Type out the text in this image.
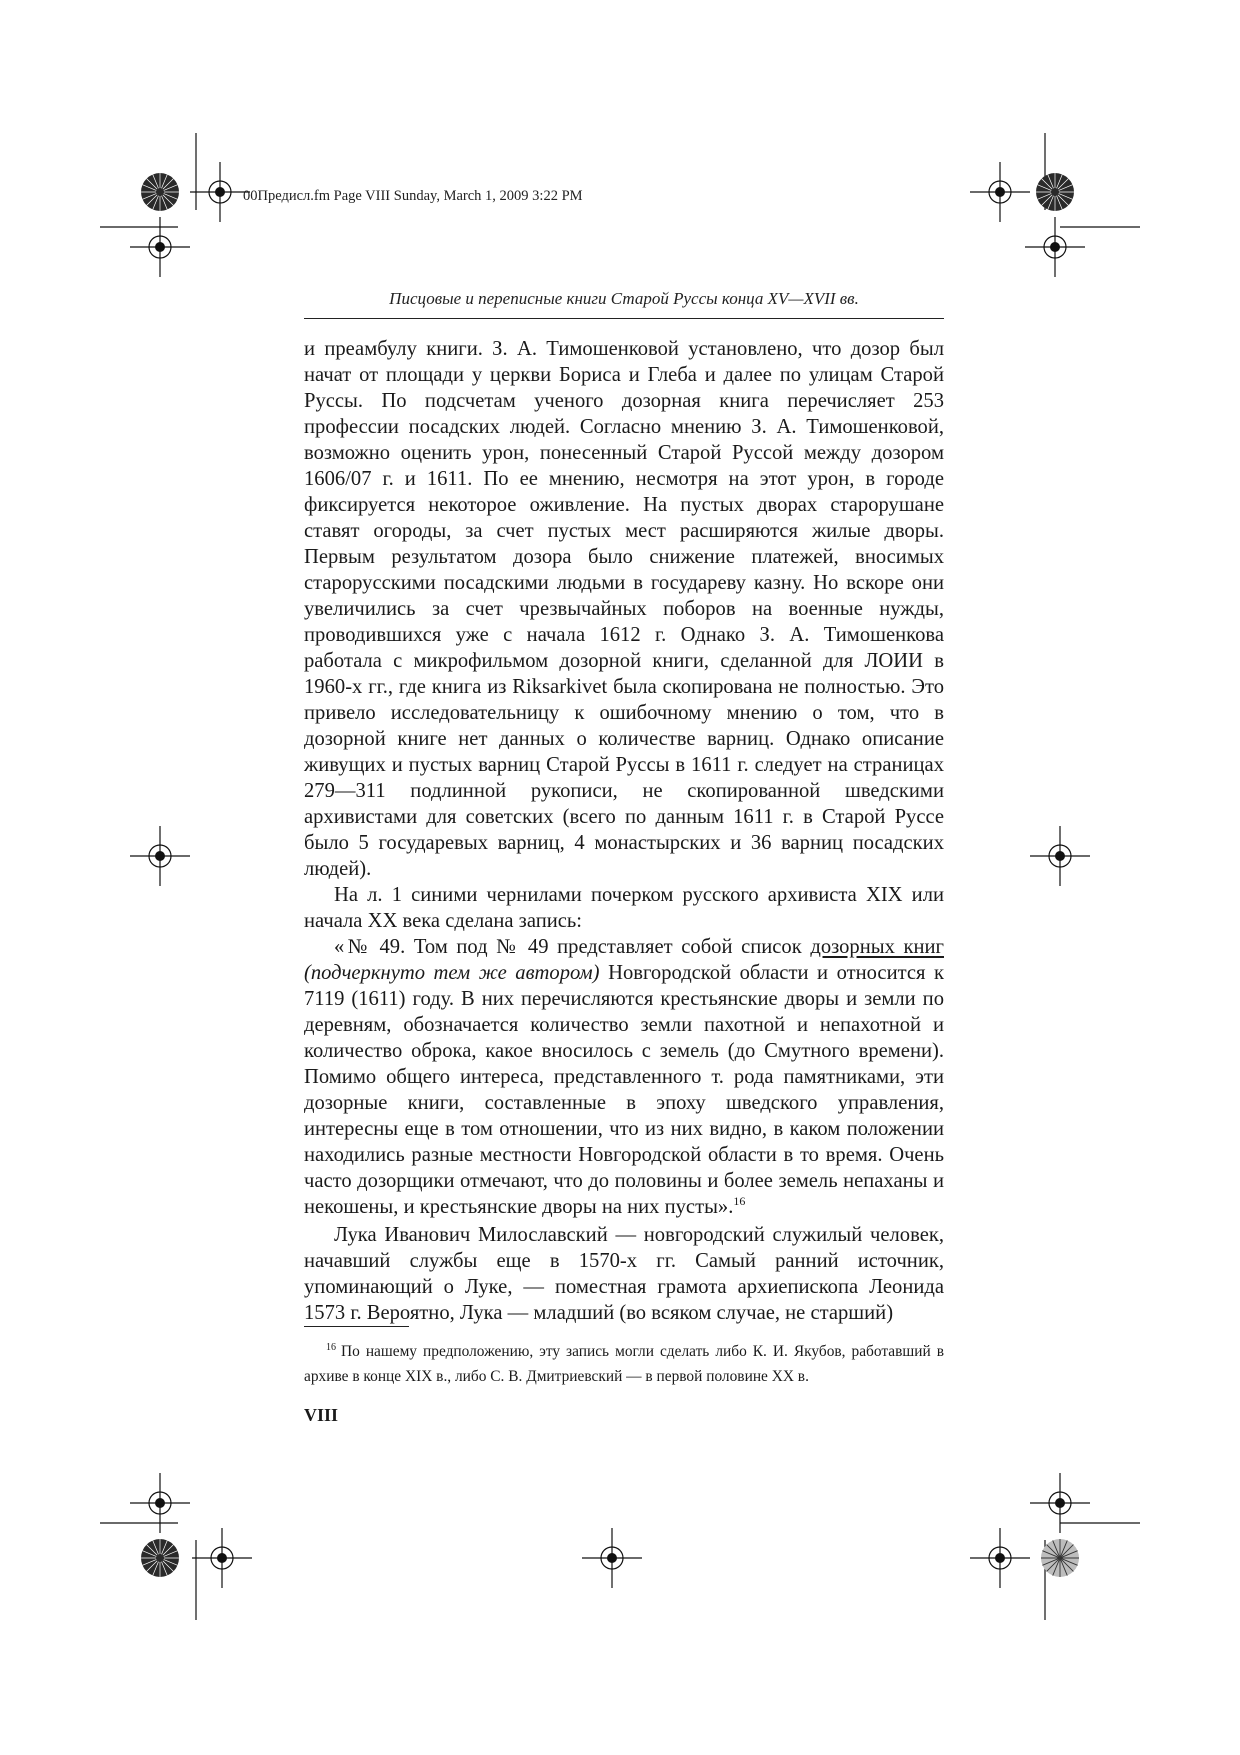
00Предисл.fm Page VIII Sunday, March 1, 2009 3:22 PM
Писцовые и переписные книги Старой Руссы конца XV—XVII вв.

и преамбулу книги. З. А. Тимошенковой установлено, что дозор был начат от площади у церкви Бориса и Глеба и далее по улицам Старой Руссы. По подсчетам ученого дозорная книга перечисляет 253 профессии посадских людей. Согласно мнению З. А. Тимошенковой, возможно оценить урон, понесенный Старой Руссой между дозором 1606/07 г. и 1611. По ее мнению, несмотря на этот урон, в городе фиксируется некоторое оживление. На пустых дворах старорушане ставят огороды, за счет пустых мест расширяются жилые дворы. Первым результатом дозора было снижение платежей, вносимых старорусскими посадскими людьми в государеву казну. Но вскоре они увеличились за счет чрезвычайных поборов на военные нужды, проводившихся уже с начала 1612 г. Однако З. А. Тимошенкова работала с микрофильмом дозорной книги, сделанной для ЛОИИ в 1960-х гг., где книга из Riksarkivet была скопирована не полностью. Это привело исследовательницу к ошибочному мнению о том, что в дозорной книге нет данных о количестве варниц. Однако описание живущих и пустых варниц Старой Руссы в 1611 г. следует на страницах 279—311 подлинной рукописи, не скопированной шведскими архивистами для советских (всего по данным 1611 г. в Старой Руссе было 5 государевых варниц, 4 монастырских и 36 варниц посадских людей).

На л. 1 синими чернилами почерком русского архивиста XIX или начала XX века сделана запись:

«№ 49. Том под № 49 представляет собой список дозорных книг (подчеркнуто тем же автором) Новгородской области и относится к 7119 (1611) году. В них перечисляются крестьянские дворы и земли по деревням, обозначается количество земли пахотной и непахотной и количество оброка, какое вносилось с земель (до Смутного времени). Помимо общего интереса, представленного т. рода памятниками, эти дозорные книги, составленные в эпоху шведского управления, интересны еще в том отношении, что из них видно, в каком положении находились разные местности Новгородской области в то время. Очень часто дозорщики отмечают, что до половины и более земель непаханы и некошены, и крестьянские дворы на них пусты».$^{16}$

Лука Иванович Милославский — новгородский служилый человек, начавший службы еще в 1570-х гг. Самый ранний источник, упоминающий о Луке, — поместная грамота архиепископа Леонида 1573 г. Вероятно, Лука — младший (во всяком случае, не старший)

$^{16}$ По нашему предположению, эту запись могли сделать либо К. И. Якубов, работавший в архиве в конце XIX в., либо С. В. Дмитриевский — в первой половине XX в.
VIII
